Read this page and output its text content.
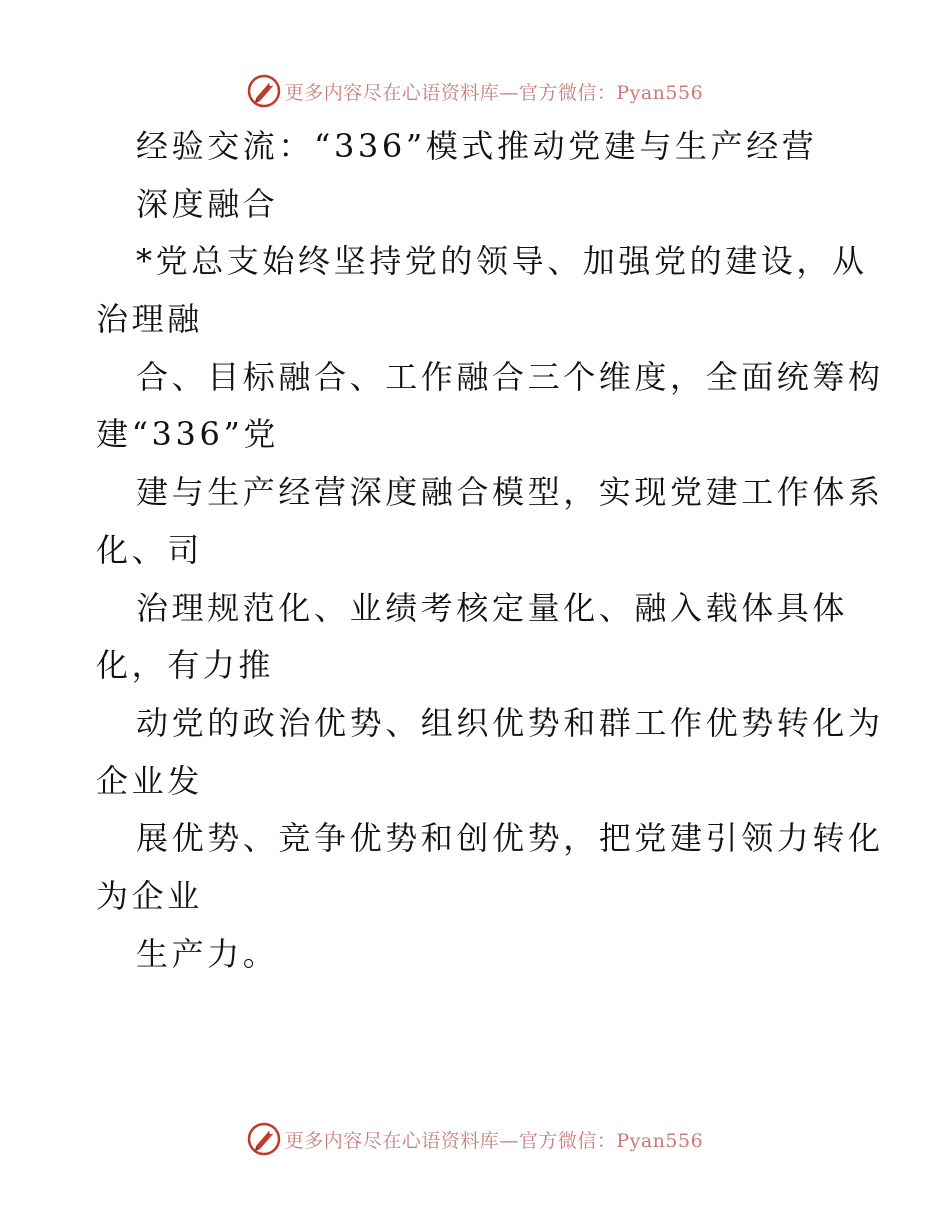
更多内容尽在心语资料库—官方微信：Pyan556
经验交流：“336”模式推动党建与生产经营
深度融合
*党总支始终坚持党的领导、加强党的建设，从
治理融
合、目标融合、工作融合三个维度，全面统筹构
建“336”党
建与生产经营深度融合模型，实现党建工作体系
化、司
治理规范化、业绩考核定量化、融入载体具体
化，有力推
动党的政治优势、组织优势和群工作优势转化为
企业发
展优势、竞争优势和创优势，把党建引领力转化
为企业
生产力。
更多内容尽在心语资料库—官方微信：Pyan556
